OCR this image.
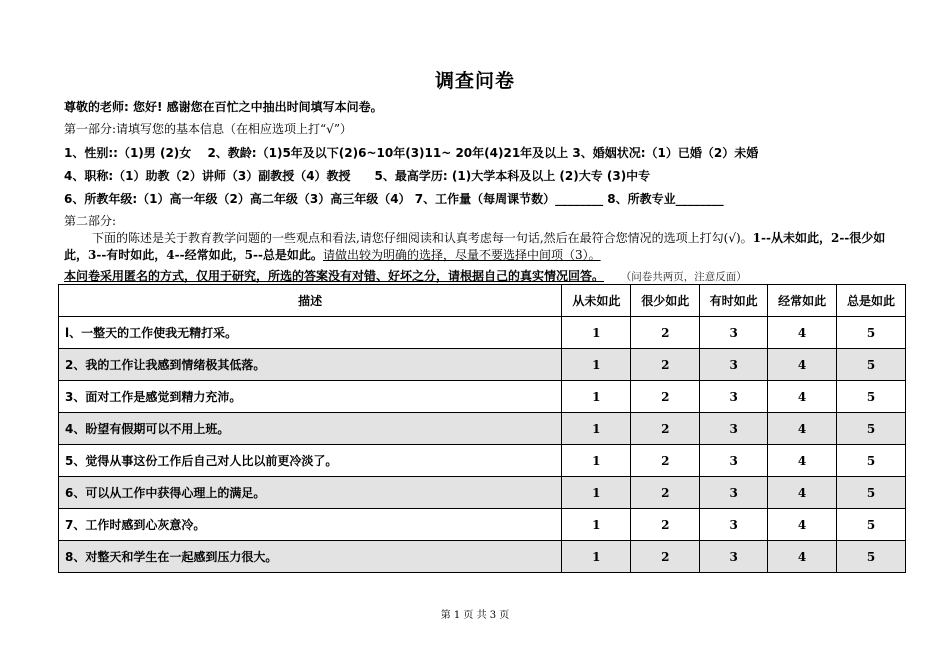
调查问卷
尊敬的老师: 您好! 感谢您在百忙之中抽出时间填写本问卷。
第一部分:请填写您的基本信息（在相应选项上打“√”）
1、性别::（1)男 (2)女　 2、教龄:（1)5年及以下(2)6~10年(3)11~ 20年(4)21年及以上 3、婚姻状况:（1）已婚（2）未婚
4、职称:（1）助教（2）讲师（3）副教授（4）教授　　5、最高学历: (1)大学本科及以上 (2)大专 (3)中专
6、所教年级:（1）高一年级（2）高二年级（3）高三年级（4） 7、工作量（每周课节数）________ 8、所教专业________
第二部分:
下面的陈述是关于教育教学问题的一些观点和看法,请您仔细阅读和认真考虑每一句话,然后在最符合您情况的选项上打勾(√)。1--从未如此，2--很少如此，3--有时如此，4--经常如此，5--总是如此。请做出较为明确的选择，尽量不要选择中间项（3）。
本问卷采用匿名的方式，仅用于研究，所选的答案没有对错、好坏之分，请根据自己的真实情况回答。 （问卷共两页，注意反面）
描述	从未如此	很少如此	有时如此	经常如此	总是如此
l、一整天的工作使我无精打采。	1	2	3	4	5
2、我的工作让我感到情绪极其低落。	1	2	3	4	5
3、面对工作是感觉到精力充沛。	1	2	3	4	5
4、盼望有假期可以不用上班。	1	2	3	4	5
5、觉得从事这份工作后自己对人比以前更冷淡了。	1	2	3	4	5
6、可以从工作中获得心理上的满足。	1	2	3	4	5
7、工作时感到心灰意冷。	1	2	3	4	5
8、对整天和学生在一起感到压力很大。	1	2	3	4	5
第 1 页 共 3 页
